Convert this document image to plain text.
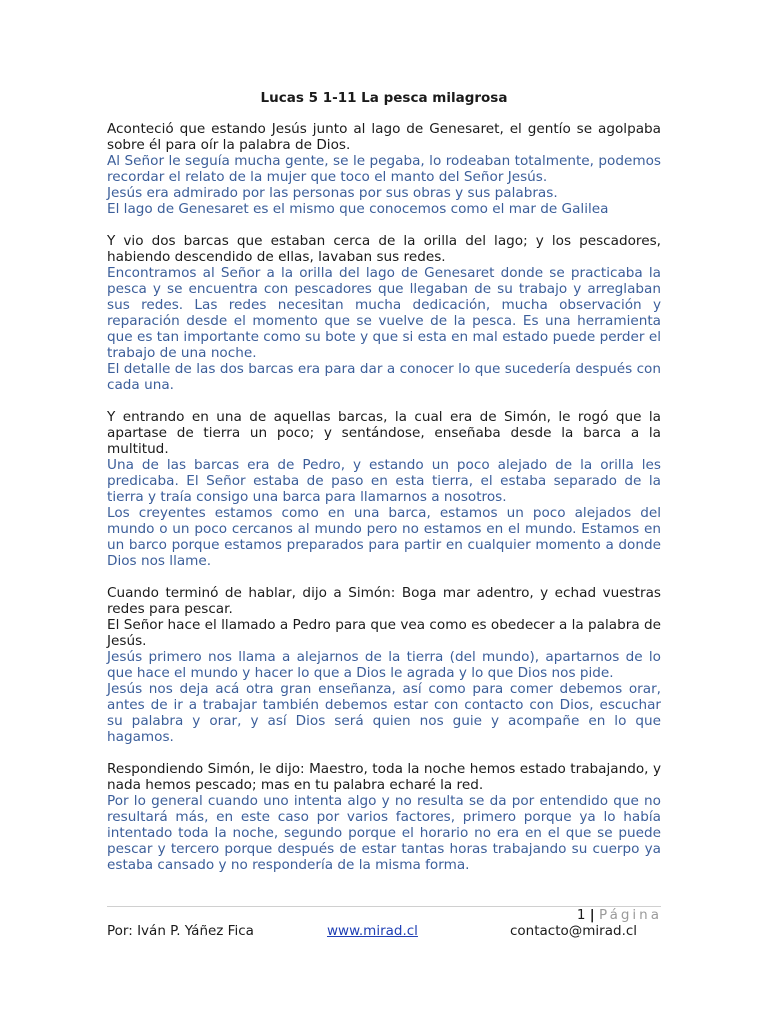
Lucas 5 1-11 La pesca milagrosa

Aconteció que estando Jesús junto al lago de Genesaret, el gentío se agolpaba sobre él para oír la palabra de Dios.

Al Señor le seguía mucha gente, se le pegaba, lo rodeaban totalmente, podemos recordar el relato de la mujer que toco el manto del Señor Jesús.

Jesús era admirado por las personas por sus obras y sus palabras.

El lago de Genesaret es el mismo que conocemos como el mar de Galilea

Y vio dos barcas que estaban cerca de la orilla del lago; y los pescadores, habiendo descendido de ellas, lavaban sus redes.

Encontramos al Señor a la orilla del lago de Genesaret donde se practicaba la pesca y se encuentra con pescadores que llegaban de su trabajo y arreglaban sus redes. Las redes necesitan mucha dedicación, mucha observación y reparación desde el momento que se vuelve de la pesca. Es una herramienta que es tan importante como su bote y que si esta en mal estado puede perder el trabajo de una noche.

El detalle de las dos barcas era para dar a conocer lo que sucedería después con cada una.

Y entrando en una de aquellas barcas, la cual era de Simón, le rogó que la apartase de tierra un poco; y sentándose, enseñaba desde la barca a la multitud.

Una de las barcas era de Pedro, y estando un poco alejado de la orilla les predicaba. El Señor estaba de paso en esta tierra, el estaba separado de la tierra y traía consigo una barca para llamarnos a nosotros.

Los creyentes estamos como en una barca, estamos un poco alejados del mundo o un poco cercanos al mundo pero no estamos en el mundo. Estamos en un barco porque estamos preparados para partir en cualquier momento a donde Dios nos llame.

Cuando terminó de hablar, dijo a Simón: Boga mar adentro, y echad vuestras redes para pescar.

El Señor hace el llamado a Pedro para que vea como es obedecer a la palabra de Jesús.

Jesús primero nos llama a alejarnos de la tierra (del mundo), apartarnos de lo que hace el mundo y hacer lo que a Dios le agrada y lo que Dios nos pide.

Jesús nos deja acá otra gran enseñanza, así como para comer debemos orar, antes de ir a trabajar también debemos estar con contacto con Dios, escuchar su palabra y orar, y así Dios será quien nos guie y acompañe en lo que hagamos.

Respondiendo Simón, le dijo: Maestro, toda la noche hemos estado trabajando, y nada hemos pescado; mas en tu palabra echaré la red.

Por lo general cuando uno intenta algo y no resulta se da por entendido que no resultará más, en este caso por varios factores, primero porque ya lo había intentado toda la noche, segundo porque el horario no era en el que se puede pescar y tercero porque después de estar tantas horas trabajando su cuerpo ya estaba cansado y no respondería de la misma forma.

1 | Página
Por: Iván P. Yáñez Fica	www.mirad.cl	contacto@mirad.cl
